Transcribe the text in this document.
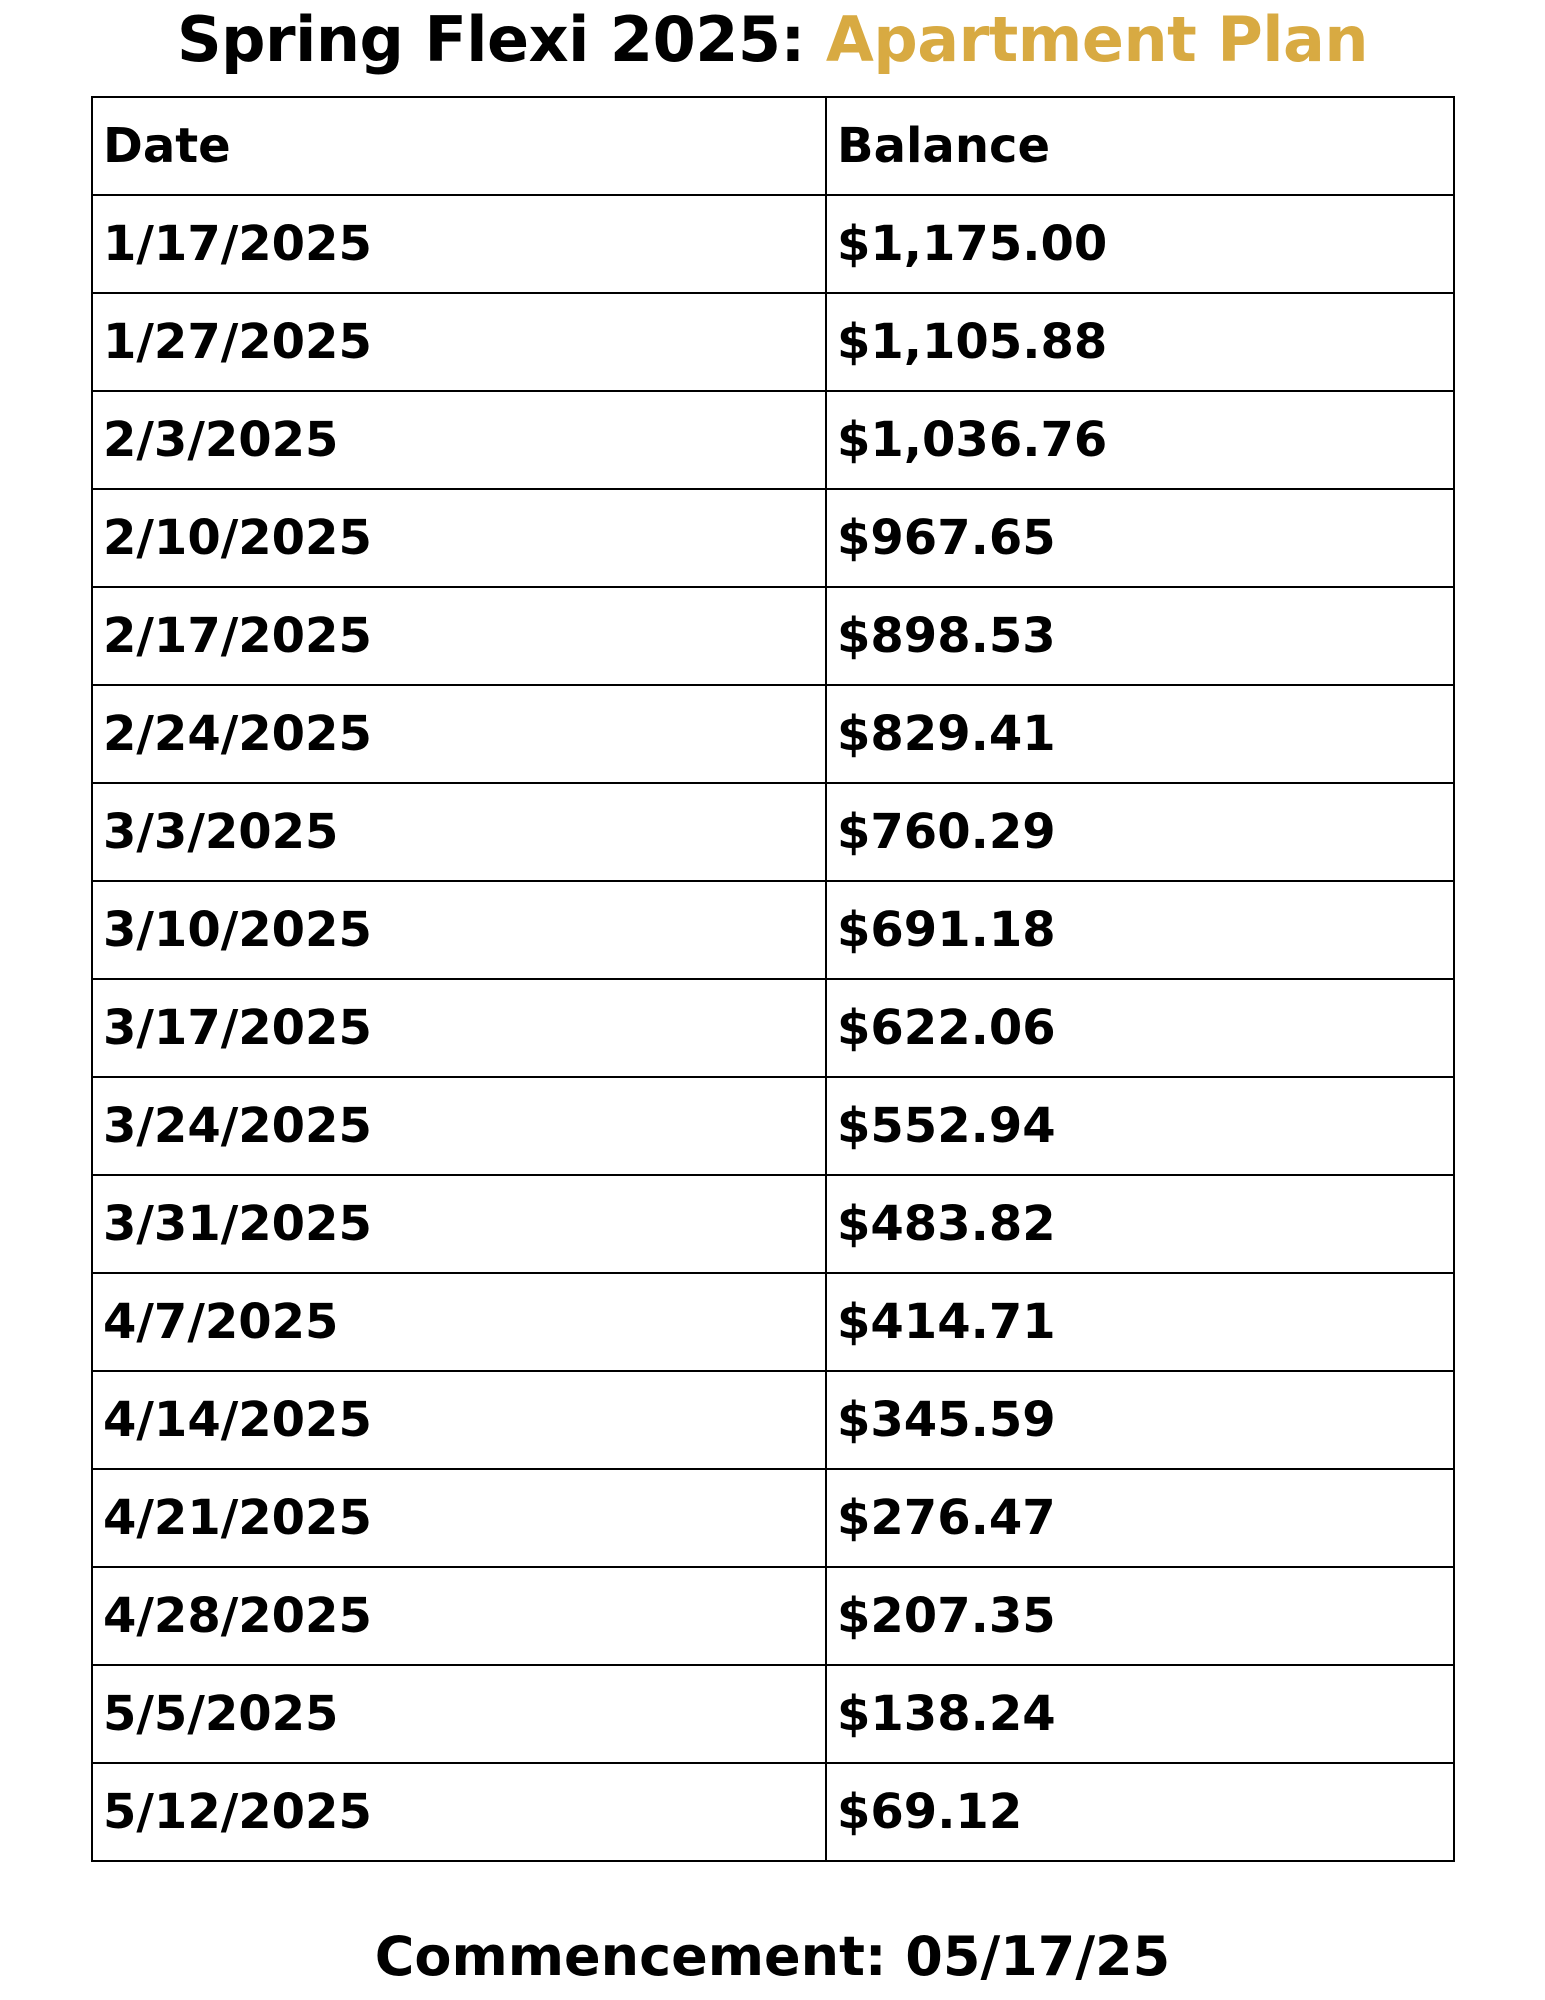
Spring Flexi 2025: Apartment Plan
Date	Balance
1/17/2025	$1,175.00
1/27/2025	$1,105.88
2/3/2025	$1,036.76
2/10/2025	$967.65
2/17/2025	$898.53
2/24/2025	$829.41
3/3/2025	$760.29
3/10/2025	$691.18
3/17/2025	$622.06
3/24/2025	$552.94
3/31/2025	$483.82
4/7/2025	$414.71
4/14/2025	$345.59
4/21/2025	$276.47
4/28/2025	$207.35
5/5/2025	$138.24
5/12/2025	$69.12
Commencement: 05/17/25
